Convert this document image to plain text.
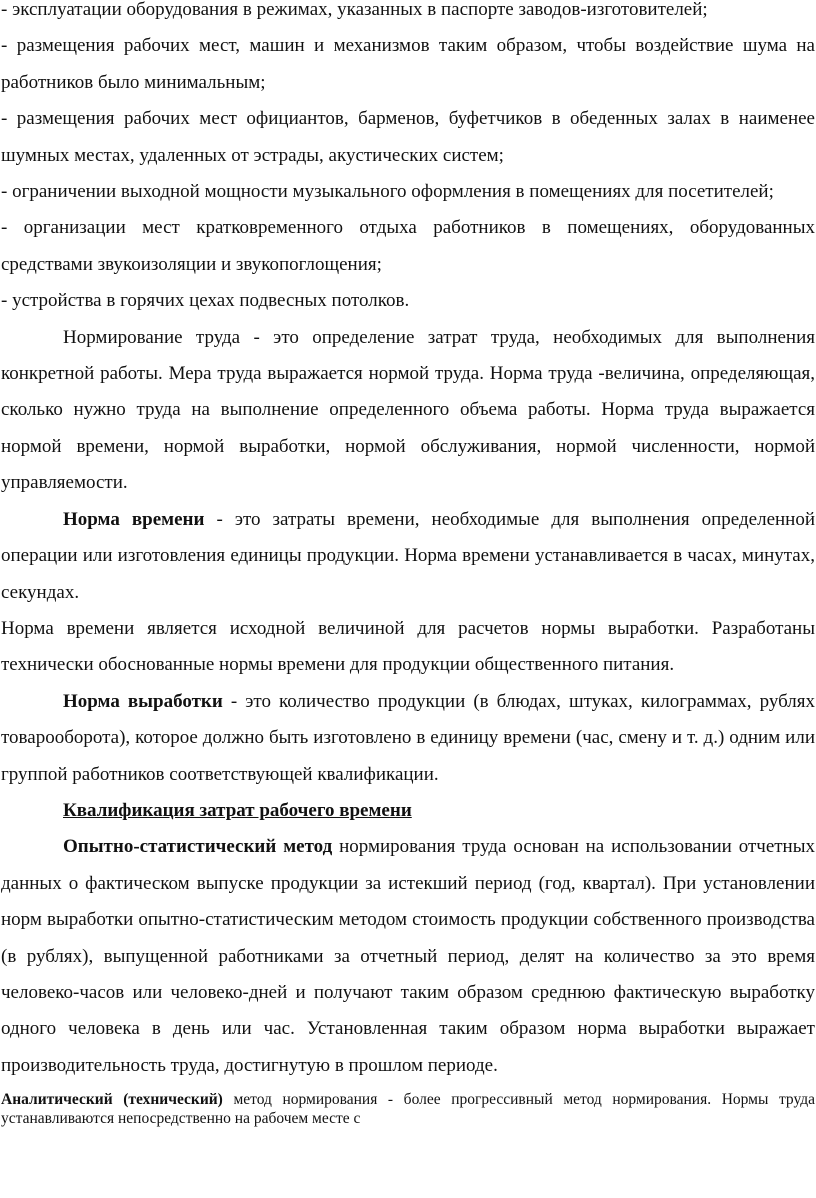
- эксплуатации оборудования в режимах, указанных в паспорте заводов-изготовителей;

- размещения рабочих мест, машин и механизмов таким образом, чтобы воздействие шума на работников было минимальным;

- размещения рабочих мест официантов, барменов, буфетчиков в обеденных залах в наименее шумных местах, удаленных от эстрады, акустических систем;

- ограничении выходной мощности музыкального оформления в помещениях для посетителей;

- организации мест кратковременного отдыха работников в помещениях, оборудованных средствами звукоизоляции и звукопоглощения;

- устройства в горячих цехах подвесных потолков.

Нормирование труда - это определение затрат труда, необходимых для выполнения конкретной работы. Мера труда выражается нормой труда. Норма труда -величина, определяющая, сколько нужно труда на выполнение определенного объема работы. Норма труда выражается нормой времени, нормой выработки, нормой обслуживания, нормой численности, нормой управляемости.

Норма времени - это затраты времени, необходимые для выполнения определенной операции или изготовления единицы продукции. Норма времени устанавливается в часах, минутах, секундах.

Норма времени является исходной величиной для расчетов нормы выработки. Разработаны технически обоснованные нормы времени для продукции общественного питания.

Норма выработки - это количество продукции (в блюдах, штуках, килограммах, рублях товарооборота), которое должно быть изготовлено в единицу времени (час, смену и т. д.) одним или группой работников соответствующей квалификации.

Квалификация затрат рабочего времени

Опытно-статистический метод нормирования труда основан на использовании отчетных данных о фактическом выпуске продукции за истекший период (год, квартал). При установлении норм выработки опытно-статистическим методом стоимость продукции собственного производства (в рублях), выпущенной работниками за отчетный период, делят на количество за это время человеко-часов или человеко-дней и получают таким образом среднюю фактическую выработку одного человека в день или час. Установленная таким образом норма выработки выражает производительность труда, достигнутую в прошлом периоде.

Аналитический (технический) метод нормирования - более прогрессивный метод нормирования. Нормы труда устанавливаются непосредственно на рабочем месте с
